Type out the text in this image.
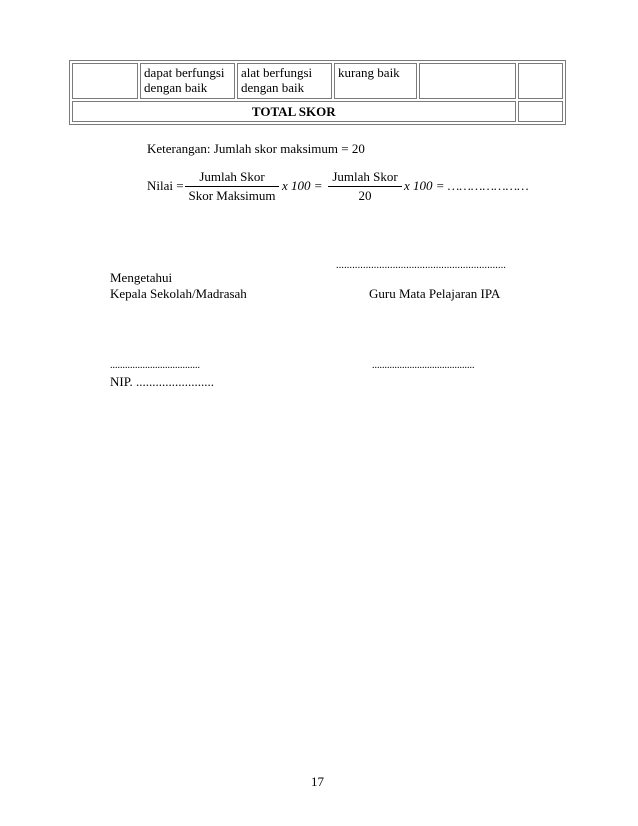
	dapat berfungsi dengan baik	alat berfungsi dengan baik	kurang baik		
TOTAL SKOR					
Keterangan: Jumlah skor maksimum = 20
Nilai =
Jumlah Skor
Skor Maksimum
x 100 =
Jumlah Skor
20
x 100 = …………………
...............................................................
Mengetahui
Kepala Sekolah/Madrasah	Guru Mata Pelajaran IPA
....................................	.........................................
NIP. ........................
17
